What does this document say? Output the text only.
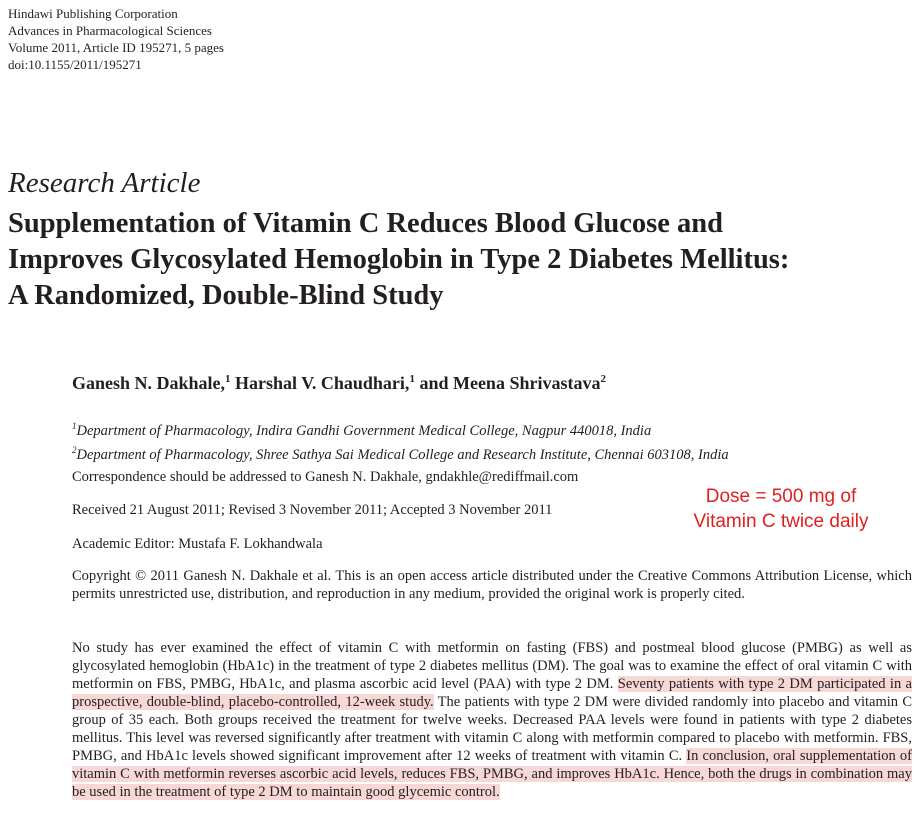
Hindawi Publishing Corporation
Advances in Pharmacological Sciences
Volume 2011, Article ID 195271, 5 pages
doi:10.1155/2011/195271
Research Article
Supplementation of Vitamin C Reduces Blood Glucose and
Improves Glycosylated Hemoglobin in Type 2 Diabetes Mellitus:
A Randomized, Double-Blind Study
Ganesh N. Dakhale,$^1$ Harshal V. Chaudhari,$^1$ and Meena Shrivastava$^2$
$^1$Department of Pharmacology, Indira Gandhi Government Medical College, Nagpur 440018, India
$^2$Department of Pharmacology, Shree Sathya Sai Medical College and Research Institute, Chennai 603108, India
Correspondence should be addressed to Ganesh N. Dakhale, gndakhle@rediffmail.com
Received 21 August 2011; Revised 3 November 2011; Accepted 3 November 2011
Academic Editor: Mustafa F. Lokhandwala
Copyright © 2011 Ganesh N. Dakhale et al. This is an open access article distributed under the Creative Commons Attribution License, which permits unrestricted use, distribution, and reproduction in any medium, provided the original work is properly cited.
No study has ever examined the effect of vitamin C with metformin on fasting (FBS) and postmeal blood glucose (PMBG) as well as glycosylated hemoglobin (HbA1c) in the treatment of type 2 diabetes mellitus (DM). The goal was to examine the effect of oral vitamin C with metformin on FBS, PMBG, HbA1c, and plasma ascorbic acid level (PAA) with type 2 DM. Seventy patients with type 2 DM participated in a prospective, double-blind, placebo-controlled, 12-week study. The patients with type 2 DM were divided randomly into placebo and vitamin C group of 35 each. Both groups received the treatment for twelve weeks. Decreased PAA levels were found in patients with type 2 diabetes mellitus. This level was reversed significantly after treatment with vitamin C along with metformin compared to placebo with metformin. FBS, PMBG, and HbA1c levels showed significant improvement after 12 weeks of treatment with vitamin C. In conclusion, oral supplementation of vitamin C with metformin reverses ascorbic acid levels, reduces FBS, PMBG, and improves HbA1c. Hence, both the drugs in combination may be used in the treatment of type 2 DM to maintain good glycemic control.
Dose = 500 mg of
Vitamin C twice daily
